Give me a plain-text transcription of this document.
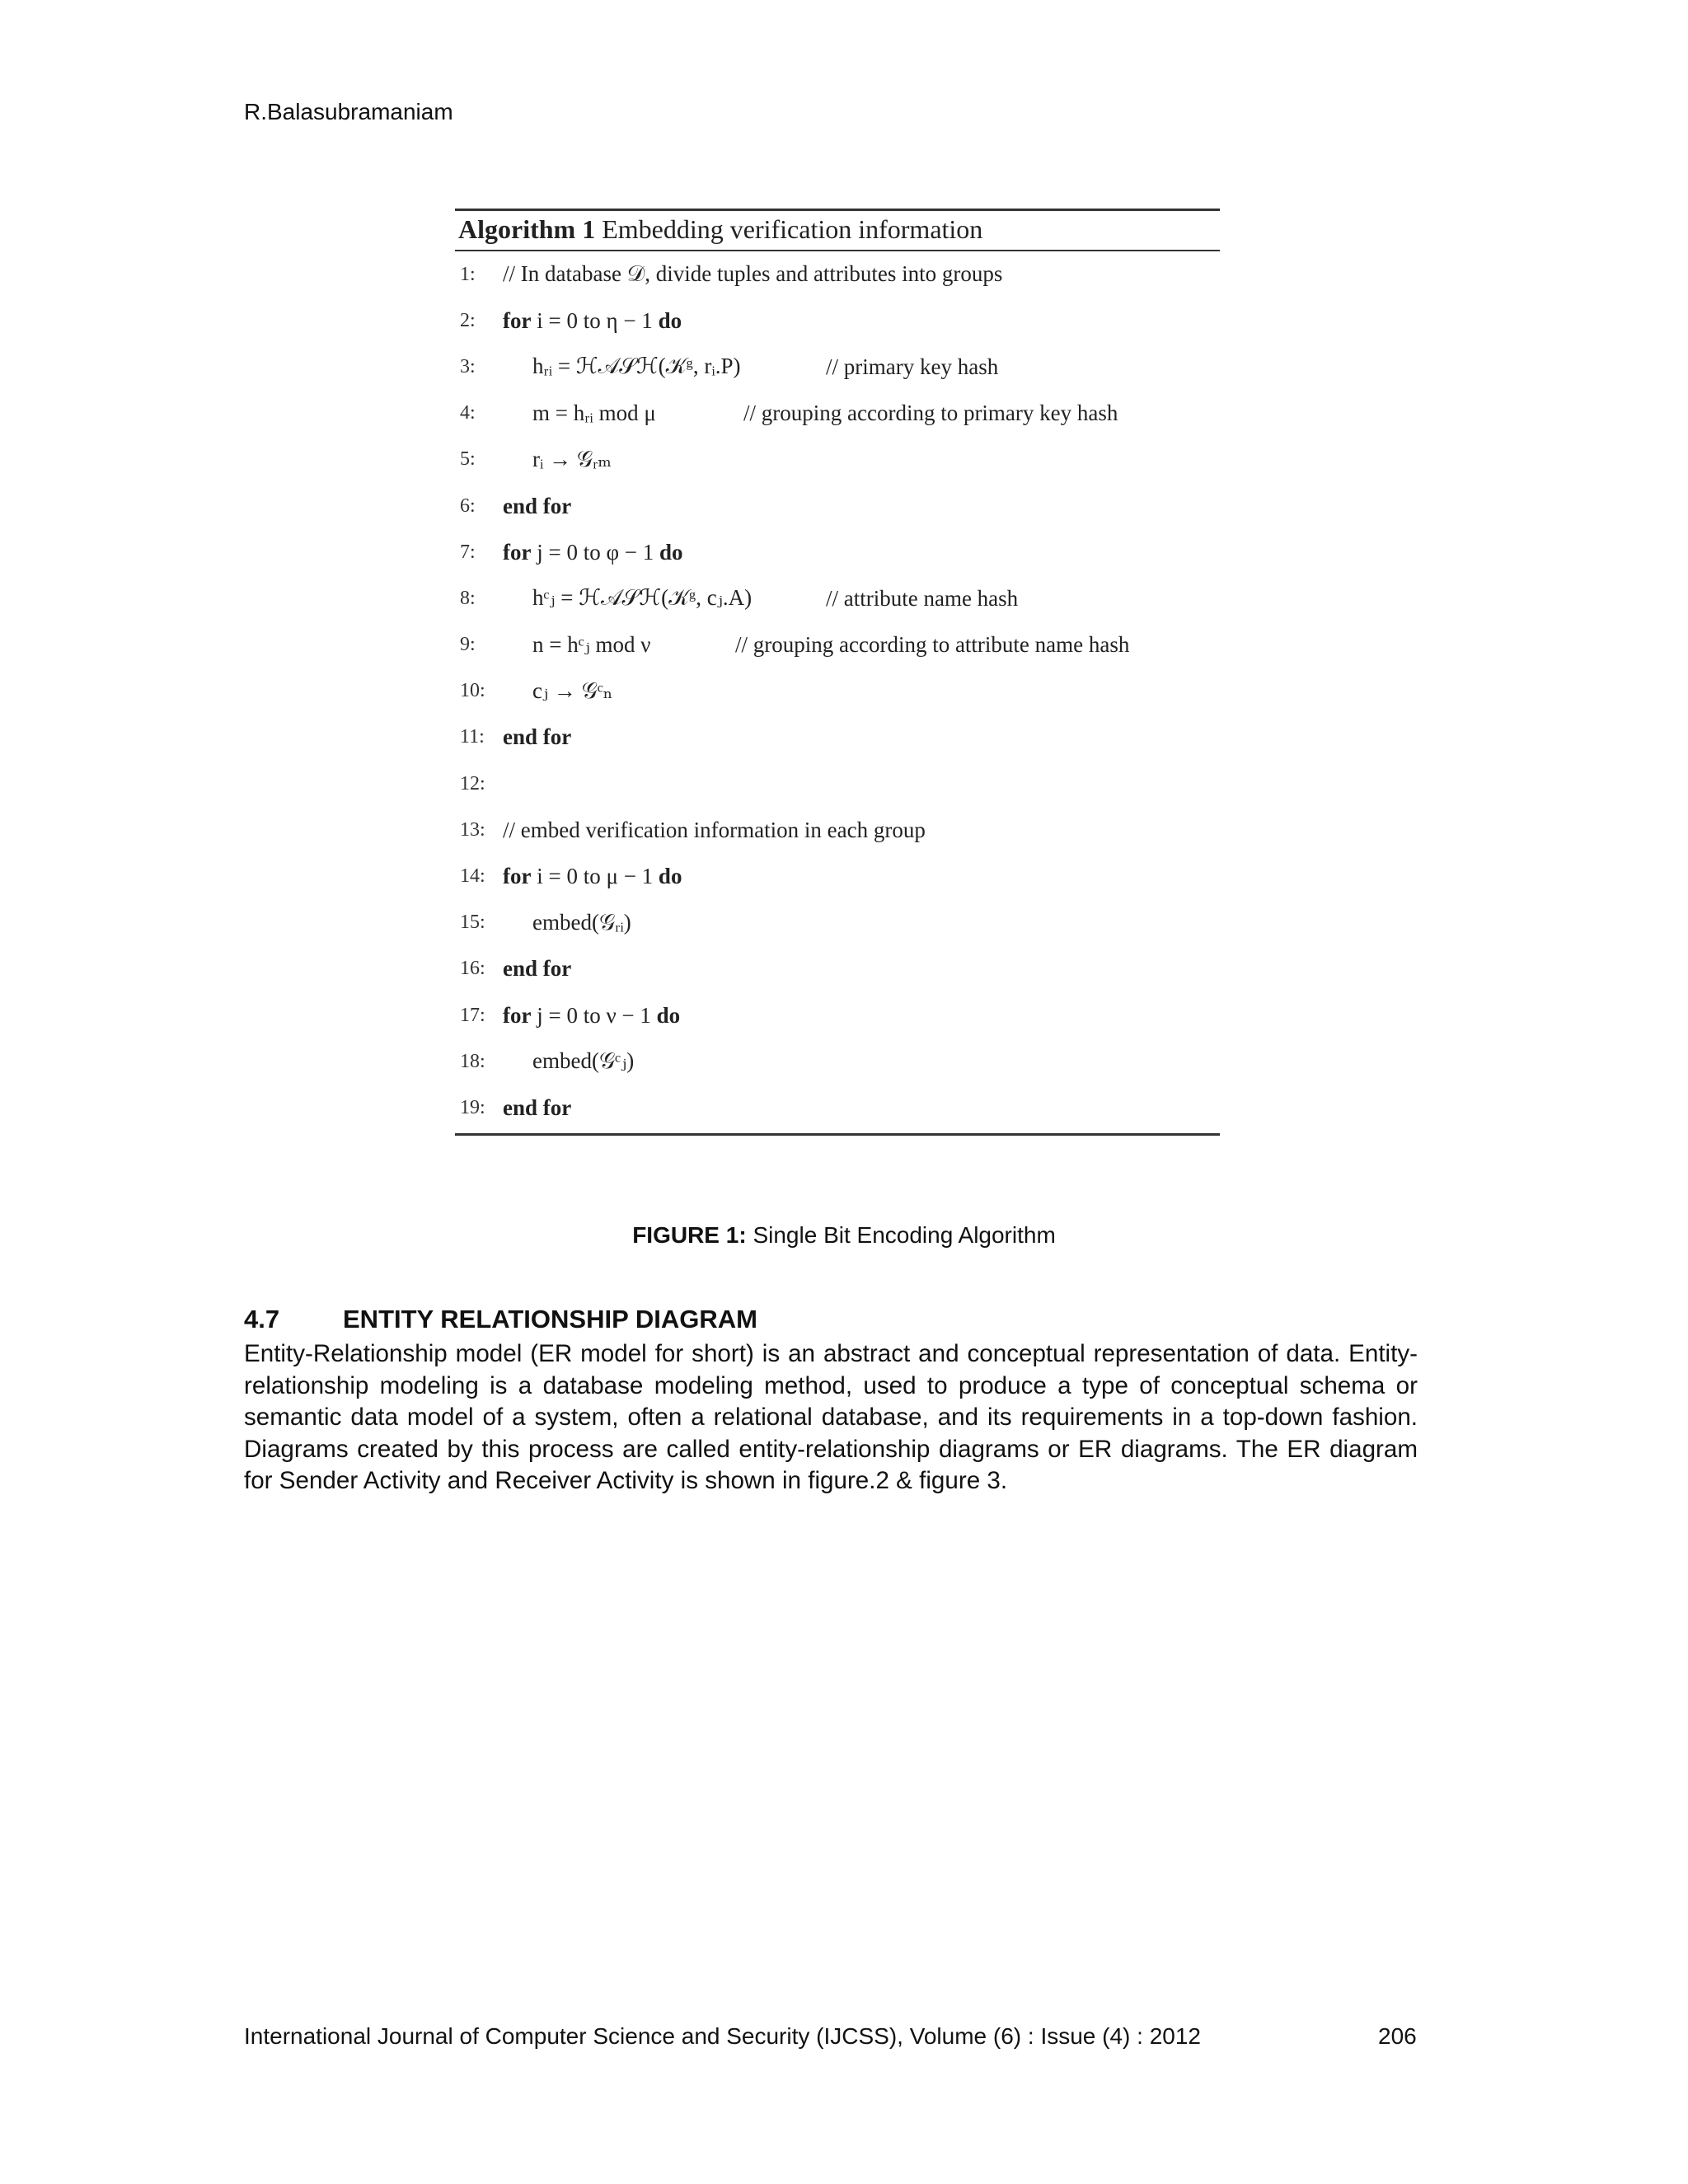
R.Balasubramaniam
Algorithm 1 Embedding verification information
1:	// In database 𝒟, divide tuples and attributes into groups
2:	for i = 0 to η − 1 do
3:	hᵣᵢ = ℋ𝒜𝒮ℋ(𝒦ᵍ, rᵢ.P)	// primary key hash
4:	m = hᵣᵢ mod μ	// grouping according to primary key hash
5:	rᵢ → 𝒢ᵣₘ
6:	end for
7:	for j = 0 to φ − 1 do
8:	hᶜⱼ = ℋ𝒜𝒮ℋ(𝒦ᵍ, cⱼ.A)	// attribute name hash
9:	n = hᶜⱼ mod ν	// grouping according to attribute name hash
10:	cⱼ → 𝒢ᶜₙ
11: end for
12:
13: // embed verification information in each group
14: for i = 0 to μ − 1 do
15:	embed(𝒢ᵣᵢ)
16: end for
17: for j = 0 to ν − 1 do
18:	embed(𝒢ᶜⱼ)
19: end for
FIGURE 1: Single Bit Encoding Algorithm
4.7 ENTITY RELATIONSHIP DIAGRAM

Entity-Relationship model (ER model for short) is an abstract and conceptual representation of data. Entity-relationship modeling is a database modeling method, used to produce a type of conceptual schema or semantic data model of a system, often a relational database, and its requirements in a top-down fashion. Diagrams created by this process are called entity-relationship diagrams or ER diagrams. The ER diagram for Sender Activity and Receiver Activity is shown in figure.2 & figure 3.

International Journal of Computer Science and Security (IJCSS), Volume (6) : Issue (4) : 2012	206
